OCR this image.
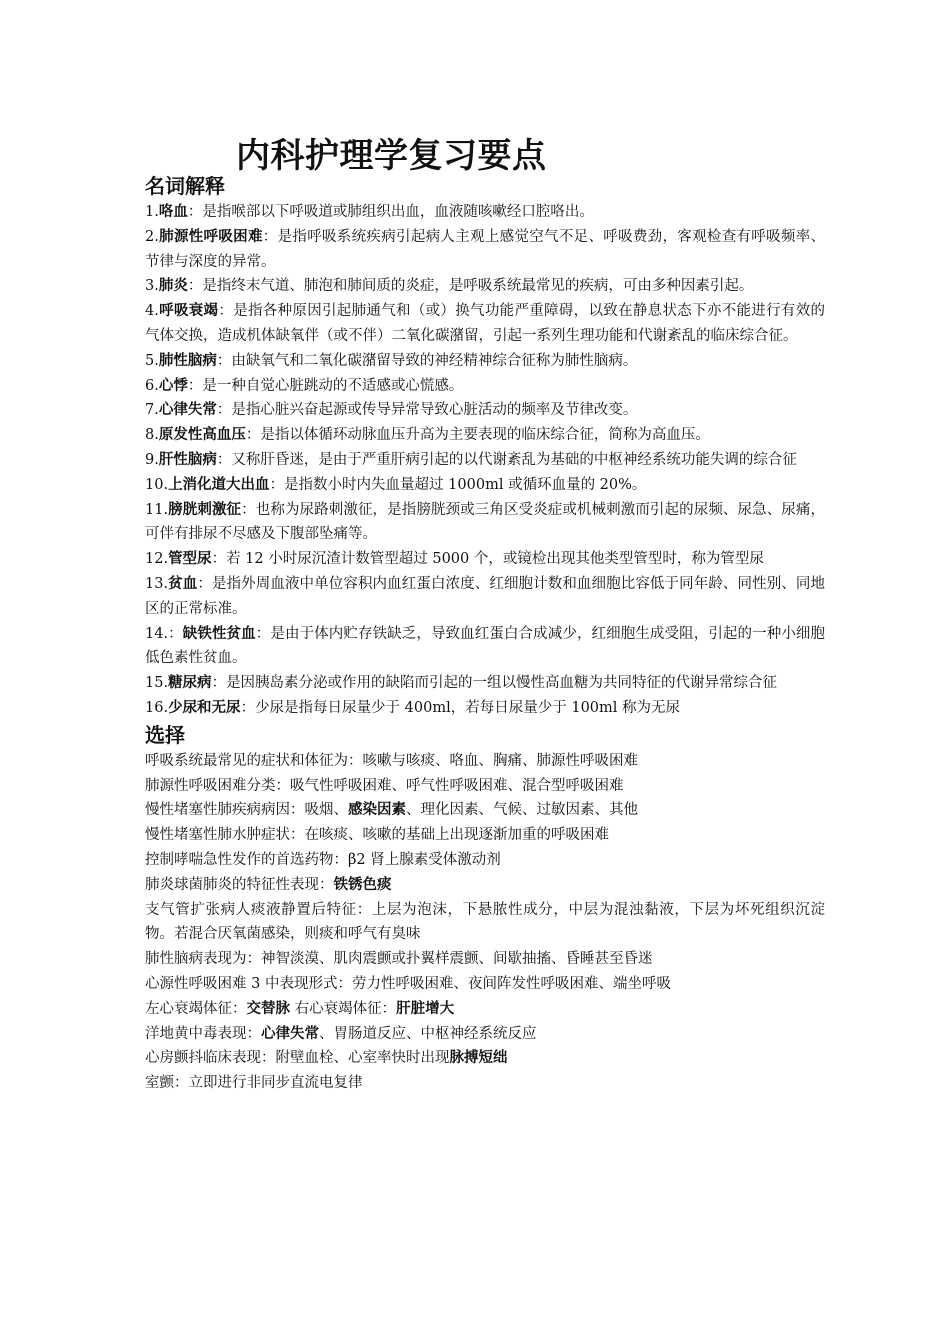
内科护理学复习要点
名词解释

1.咯血：是指喉部以下呼吸道或肺组织出血，血液随咳嗽经口腔咯出。

2.肺源性呼吸困难：是指呼吸系统疾病引起病人主观上感觉空气不足、呼吸费劲，客观检查有呼吸频率、节律与深度的异常。

3.肺炎：是指终末气道、肺泡和肺间质的炎症，是呼吸系统最常见的疾病，可由多种因素引起。

4.呼吸衰竭：是指各种原因引起肺通气和（或）换气功能严重障碍，以致在静息状态下亦不能进行有效的气体交换，造成机体缺氧伴（或不伴）二氧化碳潴留，引起一系列生理功能和代谢紊乱的临床综合征。

5.肺性脑病：由缺氧气和二氧化碳潴留导致的神经精神综合征称为肺性脑病。

6.心悸：是一种自觉心脏跳动的不适感或心慌感。

7.心律失常：是指心脏兴奋起源或传导异常导致心脏活动的频率及节律改变。

8.原发性高血压：是指以体循环动脉血压升高为主要表现的临床综合征，简称为高血压。

9.肝性脑病：又称肝昏迷，是由于严重肝病引起的以代谢紊乱为基础的中枢神经系统功能失调的综合征

10.上消化道大出血：是指数小时内失血量超过 1000ml 或循环血量的 20%。

11.膀胱刺激征：也称为尿路刺激征，是指膀胱颈或三角区受炎症或机械刺激而引起的尿频、尿急、尿痛，可伴有排尿不尽感及下腹部坠痛等。

12.管型尿：若 12 小时尿沉渣计数管型超过 5000 个，或镜检出现其他类型管型时，称为管型尿

13.贫血：是指外周血液中单位容积内血红蛋白浓度、红细胞计数和血细胞比容低于同年龄、同性别、同地区的正常标准。

14.：缺铁性贫血：是由于体内贮存铁缺乏，导致血红蛋白合成减少，红细胞生成受阻，引起的一种小细胞低色素性贫血。

15.糖尿病：是因胰岛素分泌或作用的缺陷而引起的一组以慢性高血糖为共同特征的代谢异常综合征

16.少尿和无尿：少尿是指每日尿量少于 400ml，若每日尿量少于 100ml 称为无尿

选择

呼吸系统最常见的症状和体征为：咳嗽与咳痰、咯血、胸痛、肺源性呼吸困难

肺源性呼吸困难分类：吸气性呼吸困难、呼气性呼吸困难、混合型呼吸困难

慢性堵塞性肺疾病病因：吸烟、感染因素、理化因素、气候、过敏因素、其他

慢性堵塞性肺水肿症状：在咳痰、咳嗽的基础上出现逐渐加重的呼吸困难

控制哮喘急性发作的首选药物：β2 肾上腺素受体激动剂

肺炎球菌肺炎的特征性表现：铁锈色痰

支气管扩张病人痰液静置后特征：上层为泡沫，下悬脓性成分，中层为混浊黏液，下层为坏死组织沉淀物。若混合厌氧菌感染，则痰和呼气有臭味

肺性脑病表现为：神智淡漠、肌肉震颤或扑翼样震颤、间歇抽搐、昏睡甚至昏迷

心源性呼吸困难 3 中表现形式：劳力性呼吸困难、夜间阵发性呼吸困难、端坐呼吸

左心衰竭体征：交替脉 右心衰竭体征：肝脏增大

洋地黄中毒表现：心律失常、胃肠道反应、中枢神经系统反应

心房颤抖临床表现：附壁血栓、心室率快时出现脉搏短绌

室颤：立即进行非同步直流电复律
